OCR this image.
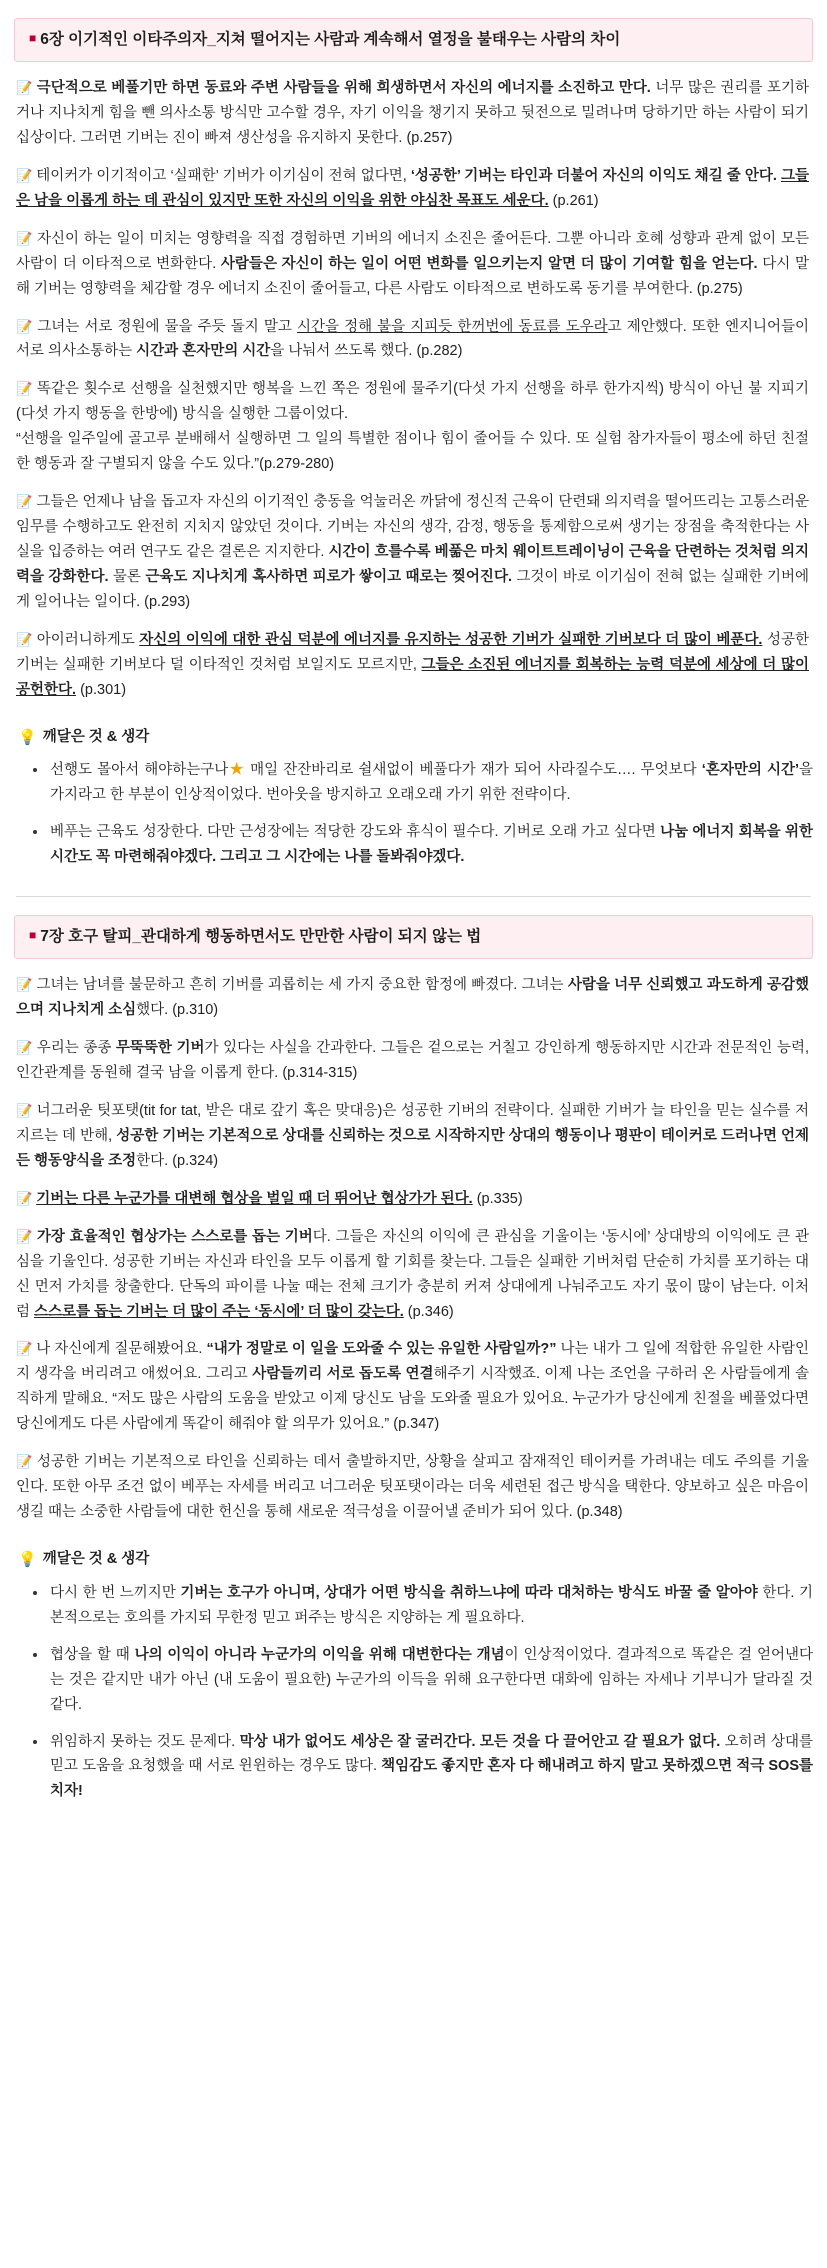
■ 6장 이기적인 이타주의자_지쳐 떨어지는 사람과 계속해서 열정을 불태우는 사람의 차이

📝 극단적으로 베풀기만 하면 동료와 주변 사람들을 위해 희생하면서 자신의 에너지를 소진하고 만다. 너무 많은 권리를 포기하거나 지나치게 힘을 뺀 의사소통 방식만 고수할 경우, 자기 이익을 챙기지 못하고 뒷전으로 밀려나며 당하기만 하는 사람이 되기 십상이다. 그러면 기버는 진이 빠져 생산성을 유지하지 못한다. (p.257)

📝 테이커가 이기적이고 ‘실패한’ 기버가 이기심이 전혀 없다면, ‘성공한’ 기버는 타인과 더불어 자신의 이익도 채길 줄 안다. 그들은 남을 이롭게 하는 데 관심이 있지만 또한 자신의 이익을 위한 야심찬 목표도 세운다. (p.261)

📝 자신이 하는 일이 미치는 영향력을 직접 경험하면 기버의 에너지 소진은 줄어든다. 그뿐 아니라 호혜 성향과 관계 없이 모든 사람이 더 이타적으로 변화한다. 사람들은 자신이 하는 일이 어떤 변화를 일으키는지 알면 더 많이 기여할 힘을 얻는다. 다시 말해 기버는 영향력을 체감할 경우 에너지 소진이 줄어들고, 다른 사람도 이타적으로 변하도록 동기를 부여한다. (p.275)

📝 그녀는 서로 정원에 물을 주듯 돌지 말고 시간을 정해 불을 지피듯 한꺼번에 동료를 도우라고 제안했다. 또한 엔지니어들이 서로 의사소통하는 시간과 혼자만의 시간을 나눠서 쓰도록 했다. (p.282)

📝 똑같은 횟수로 선행을 실천했지만 행복을 느낀 쪽은 정원에 물주기(다섯 가지 선행을 하루 한가지씩) 방식이 아닌 불 지피기(다섯 가지 행동을 한방에) 방식을 실행한 그룹이었다.
“선행을 일주일에 골고루 분배해서 실행하면 그 일의 특별한 점이나 힘이 줄어들 수 있다. 또 실험 참가자들이 평소에 하던 친절한 행동과 잘 구별되지 않을 수도 있다.”(p.279-280)

📝 그들은 언제나 남을 돕고자 자신의 이기적인 충동을 억눌러온 까닭에 정신적 근육이 단련돼 의지력을 떨어뜨리는 고통스러운 임무를 수행하고도 완전히 지치지 않았던 것이다. 기버는 자신의 생각, 감정, 행동을 통제함으로써 생기는 장점을 축적한다는 사실을 입증하는 여러 연구도 같은 결론은 지지한다. 시간이 흐를수록 베풂은 마치 웨이트트레이닝이 근육을 단련하는 것처럼 의지력을 강화한다. 물론 근육도 지나치게 혹사하면 피로가 쌓이고 때로는 찢어진다. 그것이 바로 이기심이 전혀 없는 실패한 기버에게 일어나는 일이다. (p.293)

📝 아이러니하게도 자신의 이익에 대한 관심 덕분에 에너지를 유지하는 성공한 기버가 실패한 기버보다 더 많이 베푼다. 성공한 기버는 실패한 기버보다 덜 이타적인 것처럼 보일지도 모르지만, 그들은 소진된 에너지를 회복하는 능력 덕분에 세상에 더 많이 공헌한다. (p.301)

💡 깨달은 것 & 생각
• 선행도 몰아서 해야하는구나★ 매일 잔잔바리로 쉴새없이 베풀다가 재가 되어 사라질수도…. 무엇보다 ‘혼자만의 시간’을 가지라고 한 부분이 인상적이었다. 번아웃을 방지하고 오래오래 가기 위한 전략이다.
• 베푸는 근육도 성장한다. 다만 근성장에는 적당한 강도와 휴식이 필수다. 기버로 오래 가고 싶다면 나눔 에너지 회복을 위한 시간도 꼭 마련해줘야겠다. 그리고 그 시간에는 나를 돌봐줘야겠다.
■ 7장 호구 탈피_관대하게 행동하면서도 만만한 사람이 되지 않는 법

📝 그녀는 남녀를 불문하고 흔히 기버를 괴롭히는 세 가지 중요한 함정에 빠졌다. 그녀는 사람을 너무 신뢰했고 과도하게 공감했으며 지나치게 소심했다. (p.310)

📝 우리는 종종 무뚝뚝한 기버가 있다는 사실을 간과한다. 그들은 겉으로는 거칠고 강인하게 행동하지만 시간과 전문적인 능력, 인간관계를 동원해 결국 남을 이롭게 한다. (p.314-315)

📝 너그러운 팃포탯(tit for tat, 받은 대로 갚기 혹은 맞대응)은 성공한 기버의 전략이다. 실패한 기버가 늘 타인을 믿는 실수를 저지르는 데 반해, 성공한 기버는 기본적으로 상대를 신뢰하는 것으로 시작하지만 상대의 행동이나 평판이 테이커로 드러나면 언제든 행동양식을 조정한다. (p.324)

📝 기버는 다른 누군가를 대변해 협상을 벌일 때 더 뛰어난 협상가가 된다. (p.335)

📝 가장 효율적인 협상가는 스스로를 돕는 기버다. 그들은 자신의 이익에 큰 관심을 기울이는 ‘동시에’ 상대방의 이익에도 큰 관심을 기울인다. 성공한 기버는 자신과 타인을 모두 이롭게 할 기회를 찾는다. 그들은 실패한 기버처럼 단순히 가치를 포기하는 대신 먼저 가치를 창출한다. 단독의 파이를 나눌 때는 전체 크기가 충분히 커져 상대에게 나눠주고도 자기 몫이 많이 남는다. 이처럼 스스로를 돕는 기버는 더 많이 주는 ‘동시에’ 더 많이 갖는다. (p.346)

📝 나 자신에게 질문해봤어요. “내가 정말로 이 일을 도와줄 수 있는 유일한 사람일까?” 나는 내가 그 일에 적합한 유일한 사람인지 생각을 버리려고 애썼어요. 그리고 사람들끼리 서로 돕도록 연결해주기 시작했죠. 이제 나는 조언을 구하러 온 사람들에게 솔직하게 말해요. “저도 많은 사람의 도움을 받았고 이제 당신도 남을 도와줄 필요가 있어요. 누군가가 당신에게 친절을 베풀었다면 당신에게도 다른 사람에게 똑같이 해줘야 할 의무가 있어요.” (p.347)

📝 성공한 기버는 기본적으로 타인을 신뢰하는 데서 출발하지만, 상황을 살피고 잠재적인 테이커를 가려내는 데도 주의를 기울인다. 또한 아무 조건 없이 베푸는 자세를 버리고 너그러운 팃포탯이라는 더욱 세련된 접근 방식을 택한다. 양보하고 싶은 마음이 생길 때는 소중한 사람들에 대한 헌신을 통해 새로운 적극성을 이끌어낼 준비가 되어 있다. (p.348)

💡 깨달은 것 & 생각
• 다시 한 번 느끼지만 기버는 호구가 아니며, 상대가 어떤 방식을 취하느냐에 따라 대처하는 방식도 바꿀 줄 알아야 한다. 기본적으로는 호의를 가지되 무한정 믿고 퍼주는 방식은 지양하는 게 필요하다.
• 협상을 할 때 나의 이익이 아니라 누군가의 이익을 위해 대변한다는 개념이 인상적이었다. 결과적으로 똑같은 걸 얻어낸다는 것은 같지만 내가 아닌 (내 도움이 필요한) 누군가의 이득을 위해 요구한다면 대화에 임하는 자세나 기부니가 달라질 것 같다.
• 위임하지 못하는 것도 문제다. 막상 내가 없어도 세상은 잘 굴러간다. 모든 것을 다 끌어안고 갈 필요가 없다. 오히려 상대를 믿고 도움을 요청했을 때 서로 윈윈하는 경우도 많다. 책임감도 좋지만 혼자 다 해내려고 하지 말고 못하겠으면 적극 SOS를 치자!
